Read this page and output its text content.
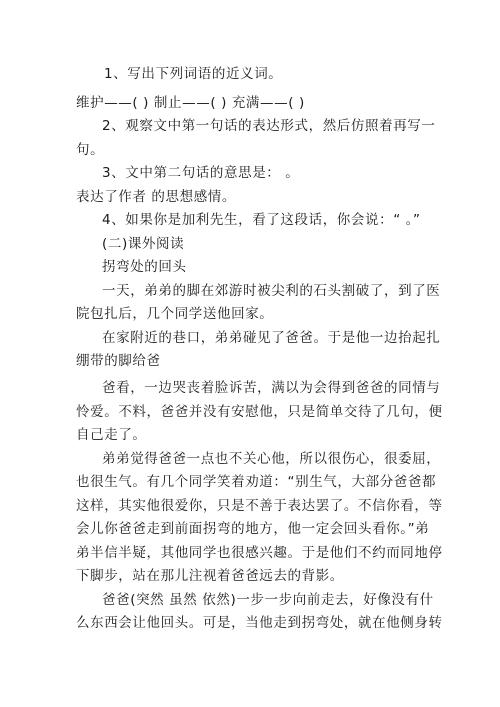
1、写出下列词语的近义词。
维护——( ) 制止——( ) 充满——( )
2、观察文中第一句话的表达形式，然后仿照着再写一
句。
3、文中第二句话的意思是： 。
表达了作者 的思想感情。
4、如果你是加利先生，看了这段话，你会说：“ 。”
(二)课外阅读
拐弯处的回头
一天，弟弟的脚在郊游时被尖利的石头割破了，到了医
院包扎后，几个同学送他回家。
在家附近的巷口，弟弟碰见了爸爸。于是他一边抬起扎
绷带的脚给爸
爸看，一边哭丧着脸诉苦，满以为会得到爸爸的同情与
怜爱。不料，爸爸并没有安慰他，只是简单交待了几句，便
自己走了。
弟弟觉得爸爸一点也不关心他，所以很伤心，很委屈，
也很生气。有几个同学笑着劝道：“别生气，大部分爸爸都
这样，其实他很爱你，只是不善于表达罢了。不信你看，等
会儿你爸爸走到前面拐弯的地方，他一定会回头看你。”弟
弟半信半疑，其他同学也很感兴趣。于是他们不约而同地停
下脚步，站在那儿注视着爸爸远去的背影。
爸爸(突然 虽然 依然)一步一步向前走去，好像没有什
么东西会让他回头。可是，当他走到拐弯处，就在他侧身转
